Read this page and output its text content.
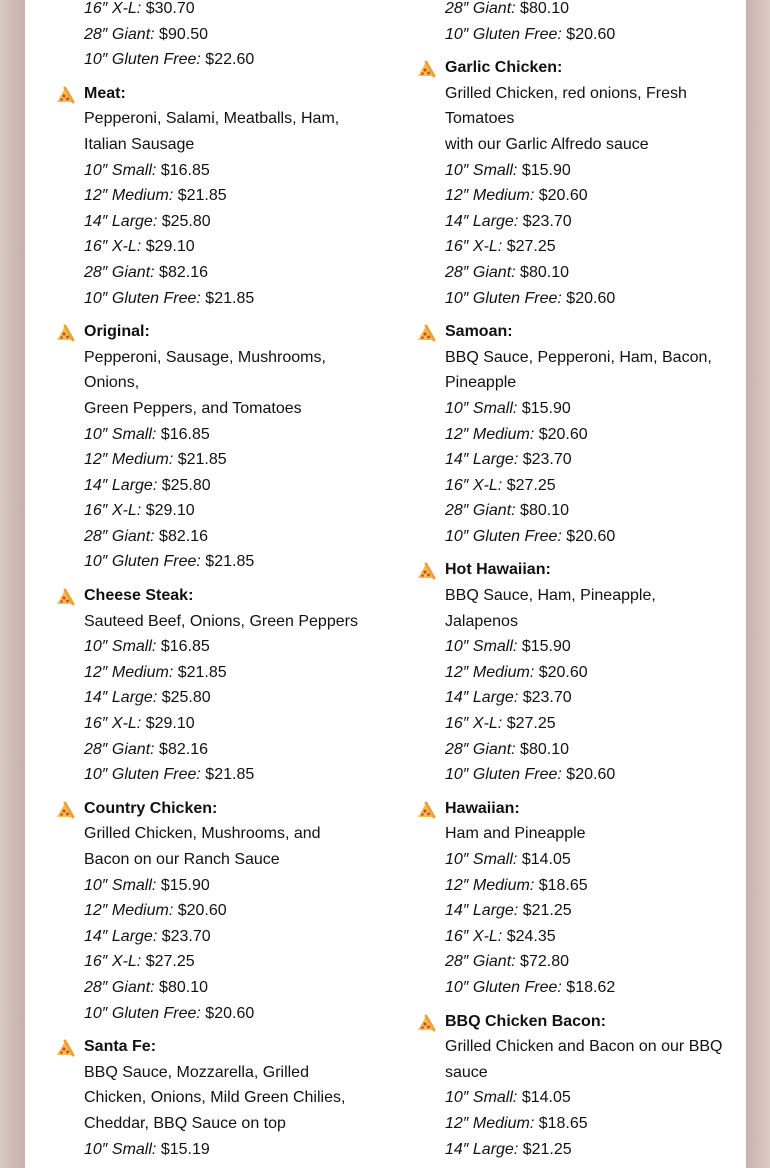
16″ X-L: $30.70
28″ Giant: $90.50
10″ Gluten Free: $22.60
Meat:
Pepperoni, Salami, Meatballs, Ham,
Italian Sausage
10″ Small: $16.85
12″ Medium: $21.85
14″ Large: $25.80
16″ X-L: $29.10
28″ Giant: $82.16
10″ Gluten Free: $21.85
Original:
Pepperoni, Sausage, Mushrooms,
Onions,
Green Peppers, and Tomatoes
10″ Small: $16.85
12″ Medium: $21.85
14″ Large: $25.80
16″ X-L: $29.10
28″ Giant: $82.16
10″ Gluten Free: $21.85
Cheese Steak:
Sauteed Beef, Onions, Green Peppers
10″ Small: $16.85
12″ Medium: $21.85
14″ Large: $25.80
16″ X-L: $29.10
28″ Giant: $82.16
10″ Gluten Free: $21.85
Country Chicken:
Grilled Chicken, Mushrooms, and
Bacon on our Ranch Sauce
10″ Small: $15.90
12″ Medium: $20.60
14″ Large: $23.70
16″ X-L: $27.25
28″ Giant: $80.10
10″ Gluten Free: $20.60
Santa Fe:
BBQ Sauce, Mozzarella, Grilled
Chicken, Onions, Mild Green Chilies,
Cheddar, BBQ Sauce on top
10″ Small: $15.19
28″ Giant: $80.10
10″ Gluten Free: $20.60
Garlic Chicken:
Grilled Chicken, red onions, Fresh
Tomatoes
with our Garlic Alfredo sauce
10″ Small: $15.90
12″ Medium: $20.60
14″ Large: $23.70
16″ X-L: $27.25
28″ Giant: $80.10
10″ Gluten Free: $20.60
Samoan:
BBQ Sauce, Pepperoni, Ham, Bacon,
Pineapple
10″ Small: $15.90
12″ Medium: $20.60
14″ Large: $23.70
16″ X-L: $27.25
28″ Giant: $80.10
10″ Gluten Free: $20.60
Hot Hawaiian:
BBQ Sauce, Ham, Pineapple,
Jalapenos
10″ Small: $15.90
12″ Medium: $20.60
14″ Large: $23.70
16″ X-L: $27.25
28″ Giant: $80.10
10″ Gluten Free: $20.60
Hawaiian:
Ham and Pineapple
10″ Small: $14.05
12″ Medium: $18.65
14″ Large: $21.25
16″ X-L: $24.35
28″ Giant: $72.80
10″ Gluten Free: $18.62
BBQ Chicken Bacon:
Grilled Chicken and Bacon on our BBQ
sauce
10″ Small: $14.05
12″ Medium: $18.65
14″ Large: $21.25
